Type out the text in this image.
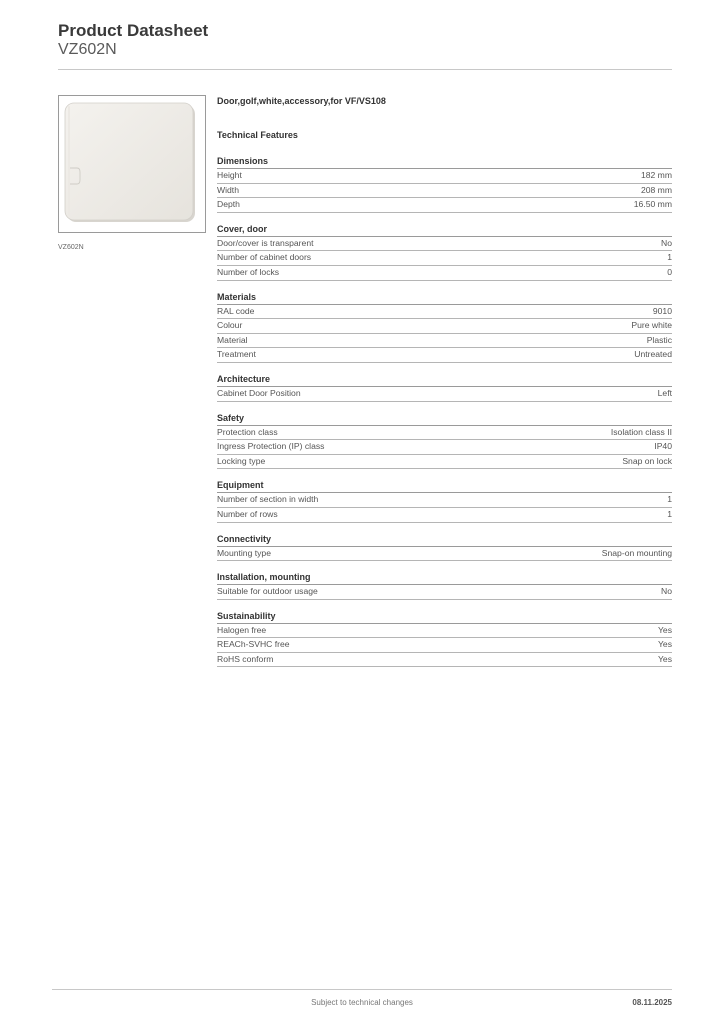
Product Datasheet
VZ602N
VZ602N
Door,golf,white,accessory,for VF/VS108
Technical Features
Dimensions
Height	182 mm
Width	208 mm
Depth	16.50 mm
Cover, door
Door/cover is transparent	No
Number of cabinet doors	1
Number of locks	0
Materials
RAL code	9010
Colour	Pure white
Material	Plastic
Treatment	Untreated
Architecture
Cabinet Door Position	Left
Safety
Protection class	Isolation class II
Ingress Protection (IP) class	IP40
Locking type	Snap on lock
Equipment
Number of section in width	1
Number of rows	1
Connectivity
Mounting type	Snap-on mounting
Installation, mounting
Suitable for outdoor usage	No
Sustainability
Halogen free	Yes
REACh-SVHC free	Yes
RoHS conform	Yes
Subject to technical changes	08.11.2025
